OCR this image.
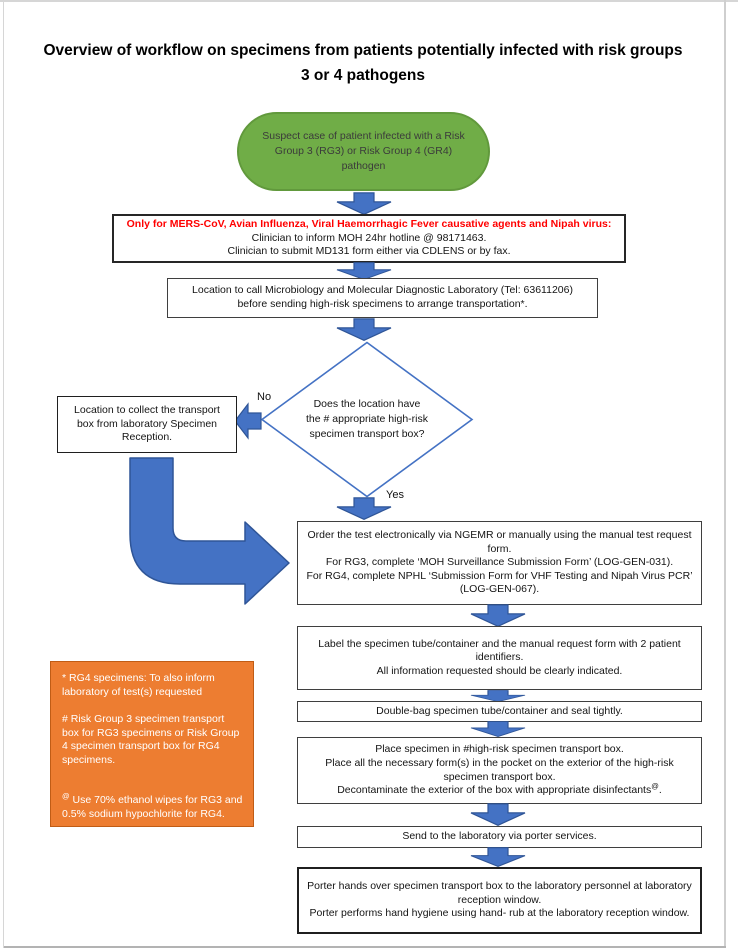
Overview of workflow on specimens from patients potentially infected with risk groups 3 or 4 pathogens
Suspect case of patient infected with a Risk Group 3 (RG3) or Risk Group 4 (GR4) pathogen
Only for MERS-CoV, Avian Influenza, Viral Haemorrhagic Fever causative agents and Nipah virus:
Clinician to inform MOH 24hr hotline @ 98171463.
Clinician to submit MD131 form either via CDLENS or by fax.
Location to call Microbiology and Molecular Diagnostic Laboratory (Tel: 63611206) before sending high-risk specimens to arrange transportation*.
Does the location have the # appropriate high-risk specimen transport box?
No
Location to collect the transport box from laboratory Specimen Reception.
Yes
Order the test electronically via NGEMR or manually using the manual test request form.
For RG3, complete ‘MOH Surveillance Submission Form’ (LOG-GEN-031).
For RG4, complete NPHL ‘Submission Form for VHF Testing and Nipah Virus PCR’ (LOG-GEN-067).
Label the specimen tube/container and the manual request form with 2 patient identifiers.
All information requested should be clearly indicated.
Double-bag specimen tube/container and seal tightly.
Place specimen in #high-risk specimen transport box.
Place all the necessary form(s) in the pocket on the exterior of the high-risk specimen transport box.
Decontaminate the exterior of the box with appropriate disinfectants@.
Send to the laboratory via porter services.
Porter hands over specimen transport box to the laboratory personnel at laboratory reception window.
Porter performs hand hygiene using hand- rub at the laboratory reception window.

* RG4 specimens: To also inform laboratory of test(s) requested

# Risk Group 3 specimen transport box for RG3 specimens or Risk Group 4 specimen transport box for RG4 specimens.

@ Use 70% ethanol wipes for RG3 and 0.5% sodium hypochlorite for RG4.
